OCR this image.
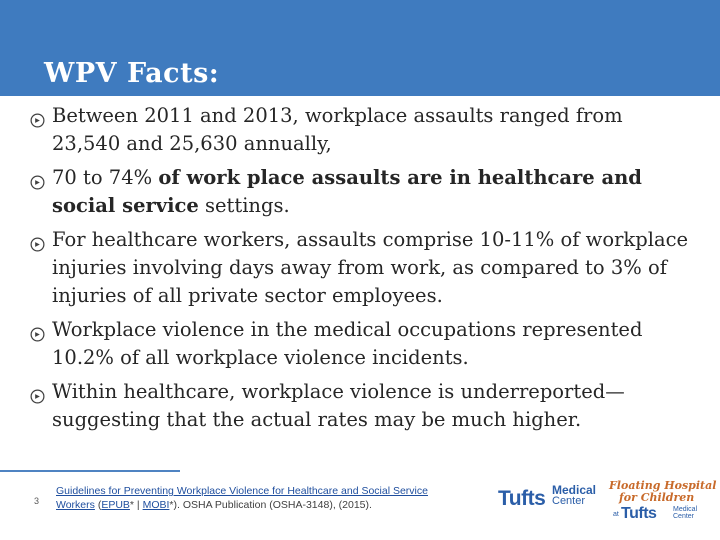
WPV Facts:
Between 2011 and 2013, workplace assaults ranged from 23,540 and 25,630 annually,
70 to 74% of work place assaults are in healthcare and social service settings.
For healthcare workers, assaults comprise 10-11% of workplace injuries involving days away from work, as compared to 3% of injuries of all private sector employees.
Workplace violence in the medical occupations represented 10.2% of all workplace violence incidents.
Within healthcare, workplace violence is underreported—suggesting that the actual rates may be much higher.
3
Guidelines for Preventing Workplace Violence for Healthcare and Social Service Workers (EPUB* | MOBI*). OSHA Publication (OSHA-3148), (2015).	Tufts Medical
Center
Floating Hospital
for Children
at Tufts Medical
Center
